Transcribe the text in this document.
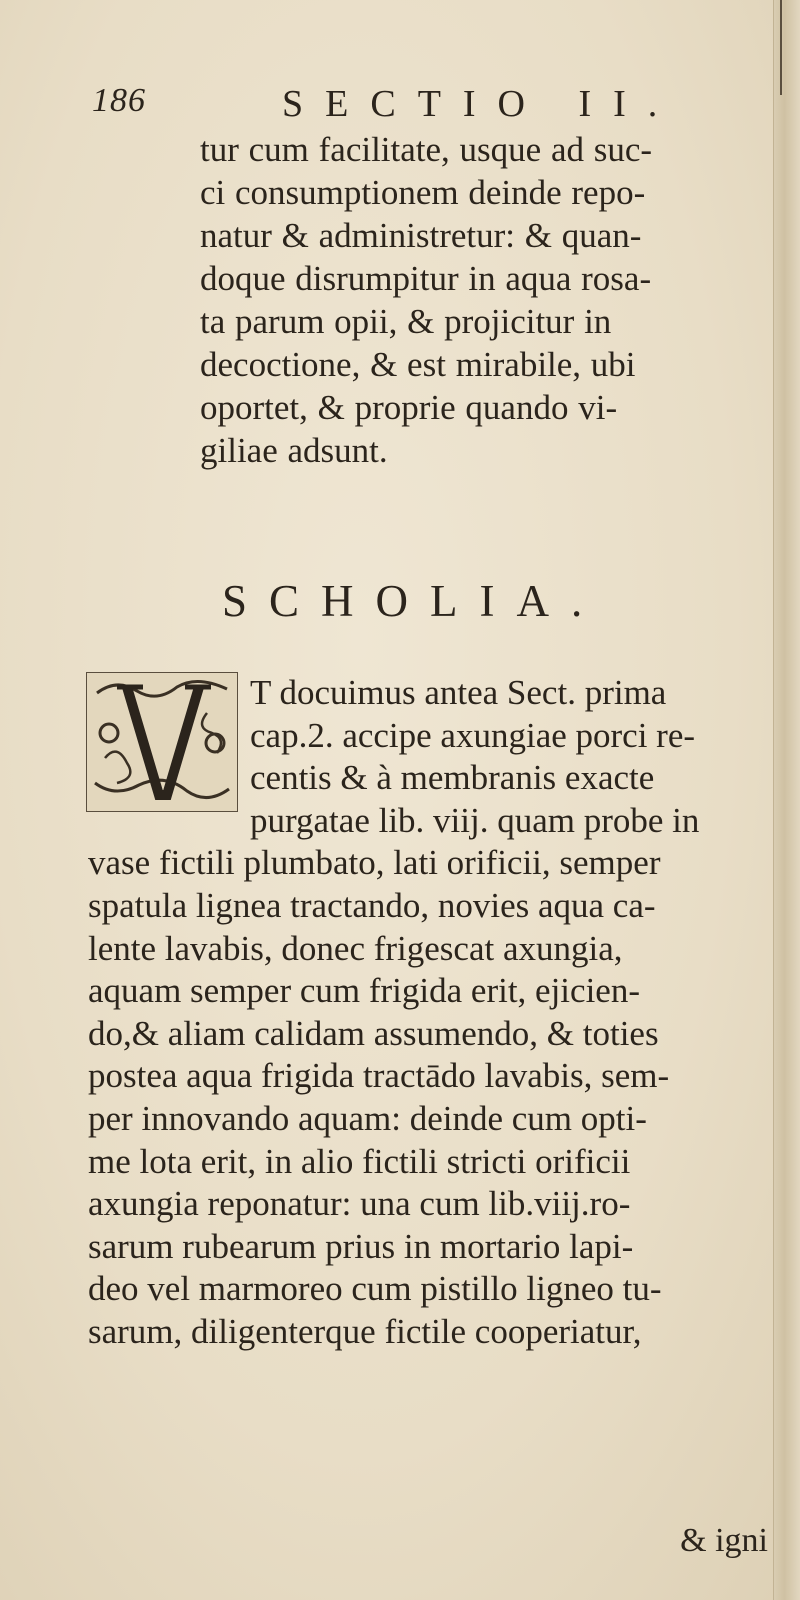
186	SECTIO II.
tur cum facilitate, usque ad suc-
ci consumptionem deinde repo-
natur & administretur: & quan-
doque disrumpitur in aqua rosa-
ta parum opii, & projicitur in
decoctione, & est mirabile, ubi
oportet, & proprie quando vi-
giliae adsunt.
SCHOLIA.
T docuimus antea Sect. prima
cap.2. accipe axungiae porci re-
centis & à membranis exacte
purgatae lib. viij. quam probe in
vase fictili plumbato, lati orificii, semper
spatula lignea tractando, novies aqua ca-
lente lavabis, donec frigescat axungia,
aquam semper cum frigida erit, ejicien-
do,& aliam calidam assumendo, & toties
postea aqua frigida tractādo lavabis, sem-
per innovando aquam: deinde cum opti-
me lota erit, in alio fictili stricti orificii
axungia reponatur: una cum lib.viij.ro-
sarum rubearum prius in mortario lapi-
deo vel marmoreo cum pistillo ligneo tu-
sarum, diligenterque fictile cooperiatur,
& igni
